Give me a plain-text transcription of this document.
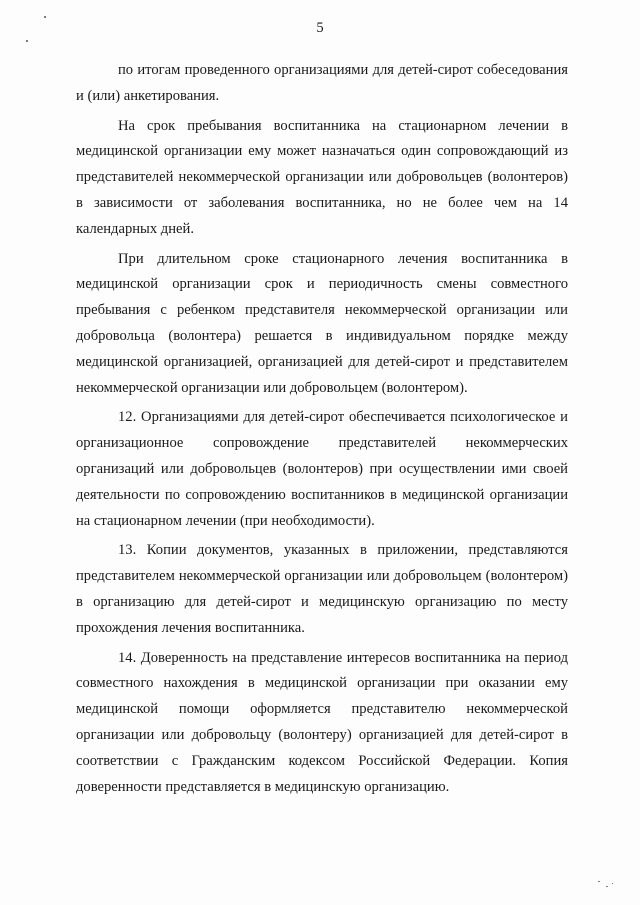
5

по итогам проведенного организациями для детей-сирот собеседования и (или) анкетирования.

На срок пребывания воспитанника на стационарном лечении в медицинской организации ему может назначаться один сопровождающий из представителей некоммерческой организации или добровольцев (волонтеров) в зависимости от заболевания воспитанника, но не более чем на 14 календарных дней.

При длительном сроке стационарного лечения воспитанника в медицинской организации срок и периодичность смены совместного пребывания с ребенком представителя некоммерческой организации или добровольца (волонтера) решается в индивидуальном порядке между медицинской организацией, организацией для детей-сирот и представителем некоммерческой организации или добровольцем (волонтером).

12. Организациями для детей-сирот обеспечивается психологическое и организационное сопровождение представителей некоммерческих организаций или добровольцев (волонтеров) при осуществлении ими своей деятельности по сопровождению воспитанников в медицинской организации на стационарном лечении (при необходимости).

13. Копии документов, указанных в приложении, представляются представителем некоммерческой организации или добровольцем (волонтером) в организацию для детей-сирот и медицинскую организацию по месту прохождения лечения воспитанника.

14. Доверенность на представление интересов воспитанника на период совместного нахождения в медицинской организации при оказании ему медицинской помощи оформляется представителю некоммерческой организации или добровольцу (волонтеру) организацией для детей-сирот в соответствии с Гражданским кодексом Российской Федерации. Копия доверенности представляется в медицинскую организацию.
